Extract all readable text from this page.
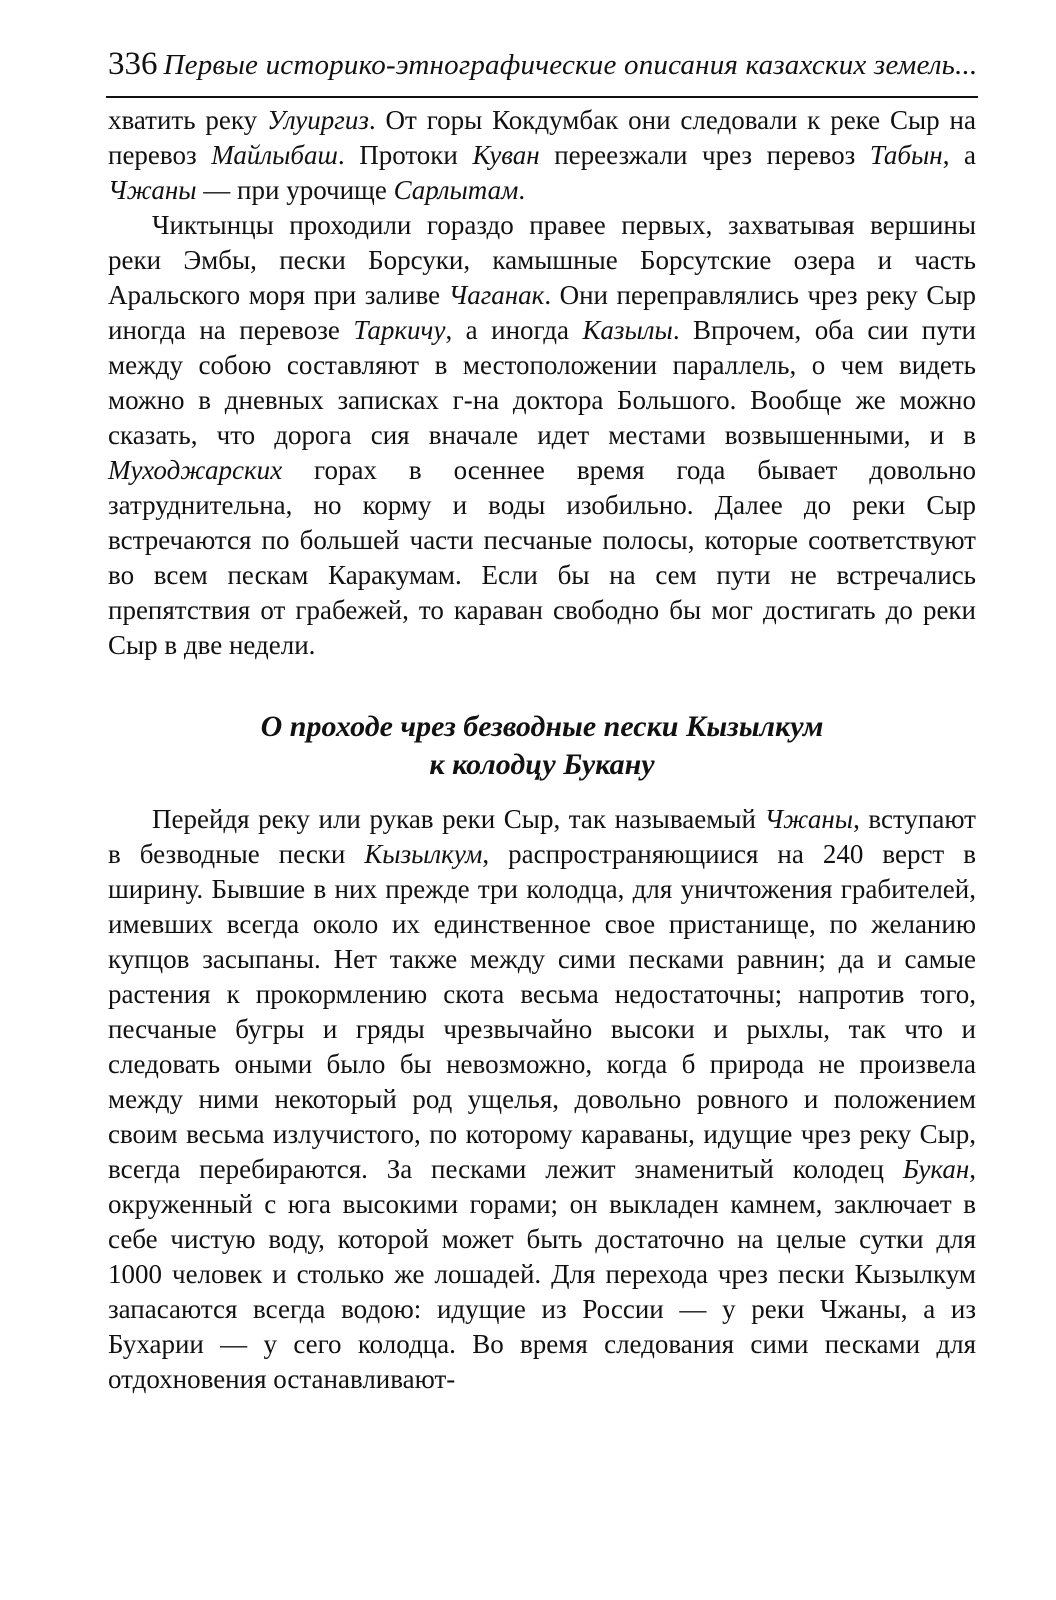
336 Первые историко-этнографические описания казахских земель...
хватить реку Улуиргиз. От горы Кокдумбак они следовали к реке Сыр на перевоз Майлыбаш. Протоки Куван переезжали чрез перевоз Табын, а Чжаны — при урочище Сарлытам.
Чиктынцы проходили гораздо правее первых, захватывая вершины реки Эмбы, пески Борсуки, камышные Борсутские озера и часть Аральского моря при заливе Чаганак. Они переправлялись чрез реку Сыр иногда на перевозе Таркичу, а иногда Казылы. Впрочем, оба сии пути между собою составляют в местоположении параллель, о чем видеть можно в дневных записках г-на доктора Большого. Вообще же можно сказать, что дорога сия вначале идет местами возвышенными, и в Муходжарских горах в осеннее время года бывает довольно затруднительна, но корму и воды изобильно. Далее до реки Сыр встречаются по большей части песчаные полосы, которые соответствуют во всем пескам Каракумам. Если бы на сем пути не встречались препятствия от грабежей, то караван свободно бы мог достигать до реки Сыр в две недели.
О проходе чрез безводные пески Кызылкум
к колодцу Букану
Перейдя реку или рукав реки Сыр, так называемый Чжаны, вступают в безводные пески Кызылкум, распространяющиися на 240 верст в ширину. Бывшие в них прежде три колодца, для уничтожения грабителей, имевших всегда около их единственное свое пристанище, по желанию купцов засыпаны. Нет также между сими песками равнин; да и самые растения к прокормлению скота весьма недостаточны; напротив того, песчаные бугры и гряды чрезвычайно высоки и рыхлы, так что и следовать оными было бы невозможно, когда б природа не произвела между ними некоторый род ущелья, довольно ровного и положением своим весьма излучистого, по которому караваны, идущие чрез реку Сыр, всегда перебираются. За песками лежит знаменитый колодец Букан, окруженный с юга высокими горами; он выкладен камнем, заключает в себе чистую воду, которой может быть достаточно на целые сутки для 1000 человек и столько же лошадей. Для перехода чрез пески Кызылкум запасаются всегда водою: идущие из России — у реки Чжаны, а из Бухарии — у сего колодца. Во время следования сими песками для отдохновения останавливают-
